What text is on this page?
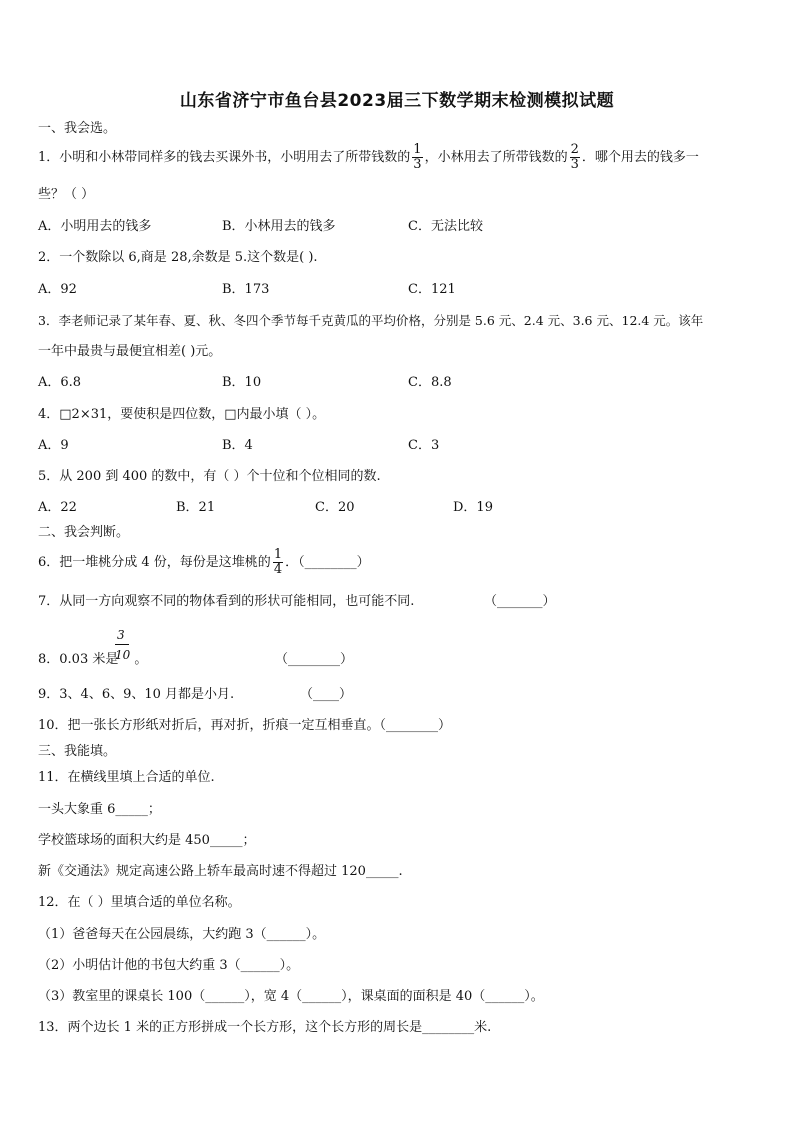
山东省济宁市鱼台县2023届三下数学期末检测模拟试题
一、我会选。
1．小明和小林带同样多的钱去买课外书，小明用去了所带钱数的 $\frac{1}{3}$ ，小林用去了所带钱数的 $\frac{2}{3}$ ．哪个用去的钱多一
些？（ ）
A．小明用去的钱多	B．小林用去的钱多	C．无法比较
2．一个数除以 6,商是 28,余数是 5.这个数是( ).
A．92	B．173	C．121
3．李老师记录了某年春、夏、秋、冬四个季节每千克黄瓜的平均价格，分别是 5.6 元、2.4 元、3.6 元、12.4 元。该年
一年中最贵与最便宜相差( )元。
A．6.8	B．10	C．8.8
4．□2×31，要使积是四位数，□内最小填（ ）。
A．9	B．4	C．3
5．从 200 到 400 的数中，有（ ）个十位和个位相同的数.
A．22	B．21	C．20	D．19
二、我会判断。
6．把一堆桃分成 4 份，每份是这堆桃的 $\frac{1}{4}$ ．（________）
7．从同一方向观察不同的物体看到的形状可能相同，也可能不同.	（_______）
8．0.03 米是 。
3
10	（________）
9．3、4、6、9、10 月都是小月.	（____）
10．把一张长方形纸对折后，再对折，折痕一定互相垂直。（________）
三、我能填。
11．在横线里填上合适的单位.
一头大象重 6_____；
学校篮球场的面积大约是 450_____；
新《交通法》规定高速公路上轿车最高时速不得超过 120_____.
12．在（ ）里填合适的单位名称。
（1）爸爸每天在公园晨练，大约跑 3（______）。
（2）小明估计他的书包大约重 3（______）。
（3）教室里的课桌长 100（______），宽 4（______），课桌面的面积是 40（______）。
13．两个边长 1 米的正方形拼成一个长方形，这个长方形的周长是________米.
